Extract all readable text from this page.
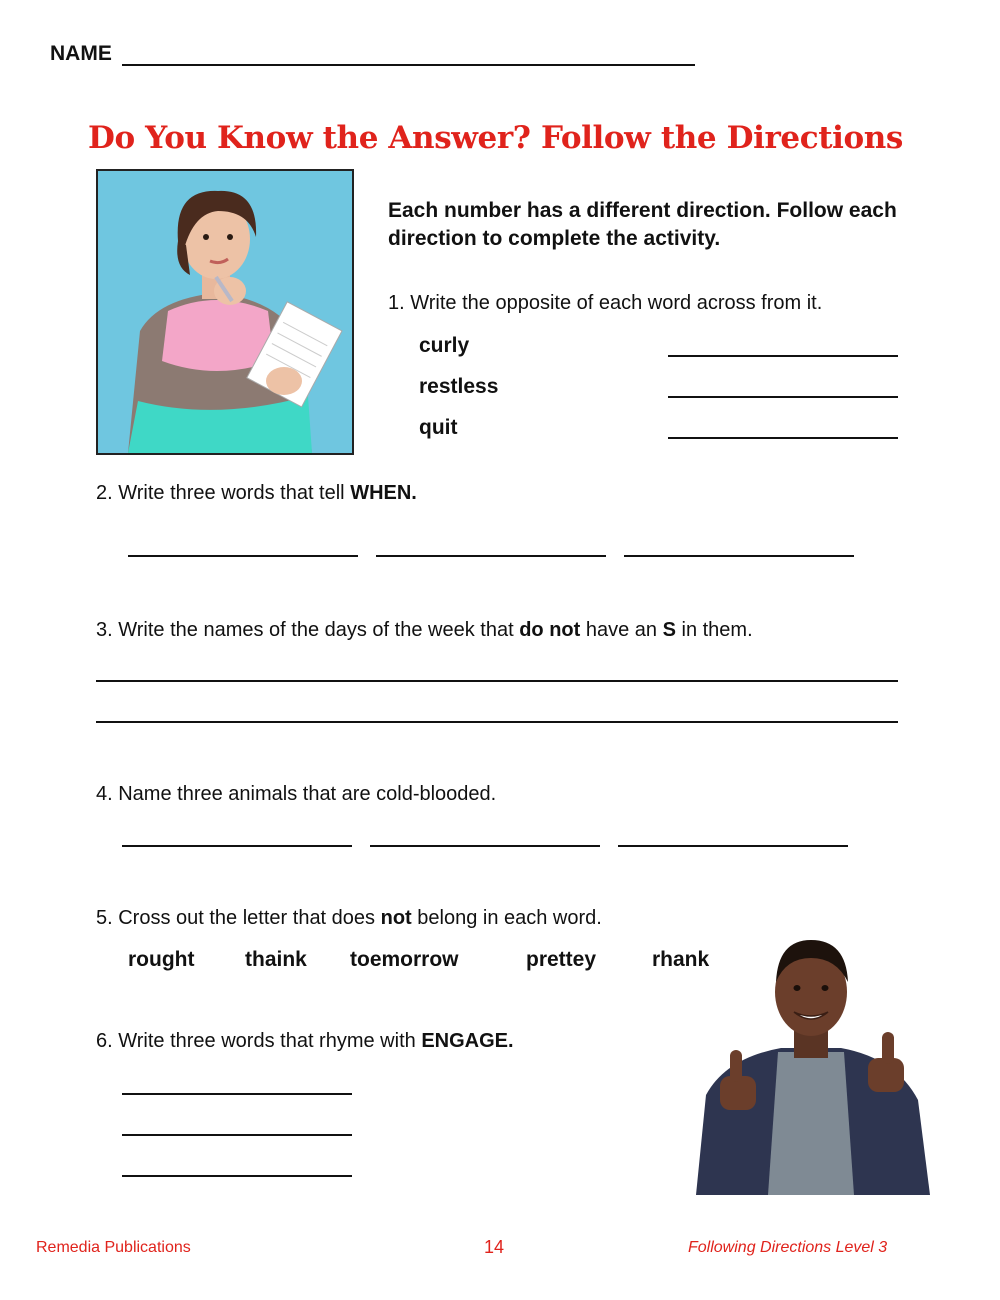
NAME
Do You Know the Answer? Follow the Directions
Each number has a different direction. Follow each direction to complete the activity.
1. Write the opposite of each word across from it.
curly
restless
quit
2. Write three words that tell WHEN.
3. Write the names of the days of the week that do not have an S in them.
4. Name three animals that are cold-blooded.
5. Cross out the letter that does not belong in each word.
rought thaink toemorrow	prettey	rhank
6. Write three words that rhyme with ENGAGE.
Remedia Publications	14	Following Directions Level 3
